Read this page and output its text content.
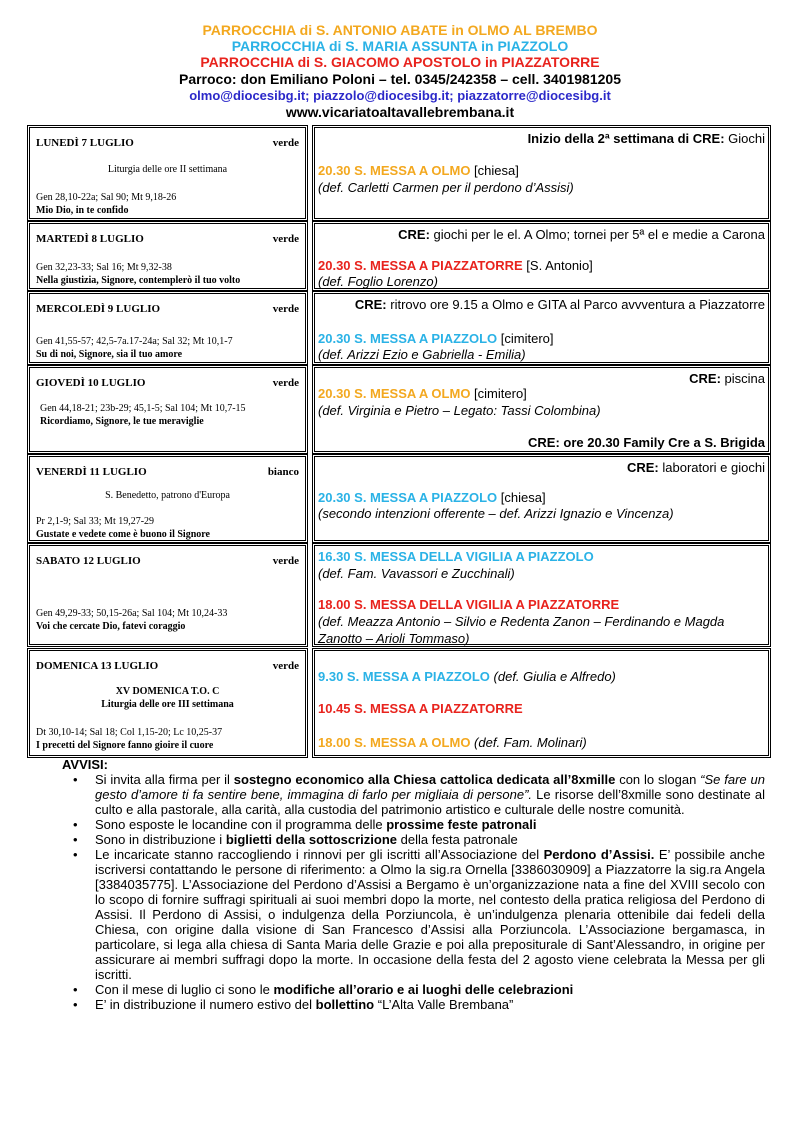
PARROCCHIA di S. ANTONIO ABATE in OLMO AL BREMBO
PARROCCHIA di S. MARIA ASSUNTA in PIAZZOLO
PARROCCHIA di S. GIACOMO APOSTOLO in PIAZZATORRE
Parroco: don Emiliano Poloni – tel. 0345/242358 – cell. 3401981205
olmo@diocesibg.it; piazzolo@diocesibg.it; piazzatorre@diocesibg.it
www.vicariatoaltavallebrembana.it
LUNEDÌ 7 LUGLIO	verde
Liturgia delle ore II settimana
Gen 28,10-22a; Sal 90; Mt 9,18-26
Mio Dio, in te confido
Inizio della 2ª settimana di CRE: Giochi
20.30 S. MESSA A OLMO [chiesa]
(def. Carletti Carmen per il perdono d’Assisi)
MARTEDÌ 8 LUGLIO	verde
Gen 32,23-33; Sal 16; Mt 9,32-38
Nella giustizia, Signore, contemplerò il tuo volto
CRE: giochi per le el. A Olmo; tornei per 5ª el e medie a Carona
20.30 S. MESSA A PIAZZATORRE [S. Antonio]
(def. Foglio Lorenzo)
MERCOLEDÌ 9 LUGLIO	verde
Gen 41,55-57; 42,5-7a.17-24a; Sal 32; Mt 10,1-7
Su di noi, Signore, sia il tuo amore
CRE: ritrovo ore 9.15 a Olmo e GITA al Parco avvventura a Piazzatorre
20.30 S. MESSA A PIAZZOLO [cimitero]
(def. Arizzi Ezio e Gabriella - Emilia)
GIOVEDÌ 10 LUGLIO	verde
Gen 44,18-21; 23b-29; 45,1-5; Sal 104; Mt 10,7-15
Ricordiamo, Signore, le tue meraviglie
CRE: piscina
20.30 S. MESSA A OLMO [cimitero]
(def. Virginia e Pietro – Legato: Tassi Colombina)
CRE: ore 20.30 Family Cre a S. Brigida
VENERDÌ 11 LUGLIO	bianco
S. Benedetto, patrono d'Europa
Pr 2,1-9; Sal 33; Mt 19,27-29
Gustate e vedete come è buono il Signore
CRE: laboratori e giochi
20.30 S. MESSA A PIAZZOLO [chiesa]
(secondo intenzioni offerente – def. Arizzi Ignazio e Vincenza)
SABATO 12 LUGLIO	verde
Gen 49,29-33; 50,15-26a; Sal 104; Mt 10,24-33
Voi che cercate Dio, fatevi coraggio
16.30 S. MESSA DELLA VIGILIA A PIAZZOLO
(def. Fam. Vavassori e Zucchinali)
18.00 S. MESSA DELLA VIGILIA A PIAZZATORRE
(def. Meazza Antonio – Silvio e Redenta Zanon – Ferdinando e Magda Zanotto – Arioli Tommaso)
DOMENICA 13 LUGLIO	verde
XV DOMENICA T.O. C
Liturgia delle ore III settimana
Dt 30,10-14; Sal 18; Col 1,15-20; Lc 10,25-37
I precetti del Signore fanno gioire il cuore
9.30 S. MESSA A PIAZZOLO (def. Giulia e Alfredo)
10.45 S. MESSA A PIAZZATORRE
18.00 S. MESSA A OLMO (def. Fam. Molinari)
AVVISI:
• Si invita alla firma per il sostegno economico alla Chiesa cattolica dedicata all’8xmille con lo slogan “Se fare un gesto d’amore ti fa sentire bene, immagina di farlo per migliaia di persone”. Le risorse dell’8xmille sono destinate al culto e alla pastorale, alla carità, alla custodia del patrimonio artistico e culturale delle nostre comunità.
• Sono esposte le locandine con il programma delle prossime feste patronali
• Sono in distribuzione i biglietti della sottoscrizione della festa patronale
• Le incaricate stanno raccogliendo i rinnovi per gli iscritti all’Associazione del Perdono d’Assisi. E’ possibile anche iscriversi contattando le persone di riferimento: a Olmo la sig.ra Ornella [3386030909] a Piazzatorre la sig.ra Angela [3384035775]. L’Associazione del Perdono d’Assisi a Bergamo è un’organizzazione nata a fine del XVIII secolo con lo scopo di fornire suffragi spirituali ai suoi membri dopo la morte, nel contesto della pratica religiosa del Perdono di Assisi. Il Perdono di Assisi, o indulgenza della Porziuncola, è un’indulgenza plenaria ottenibile dai fedeli della Chiesa, con origine dalla visione di San Francesco d’Assisi alla Porziuncola. L’Associazione bergamasca, in particolare, si lega alla chiesa di Santa Maria delle Grazie e poi alla prepositurale di Sant’Alessandro, in origine per assicurare ai membri suffragi dopo la morte. In occasione della festa del 2 agosto viene celebrata la Messa per gli iscritti.
• Con il mese di luglio ci sono le modifiche all’orario e ai luoghi delle celebrazioni
• E’ in distribuzione il numero estivo del bollettino “L’Alta Valle Brembana”
